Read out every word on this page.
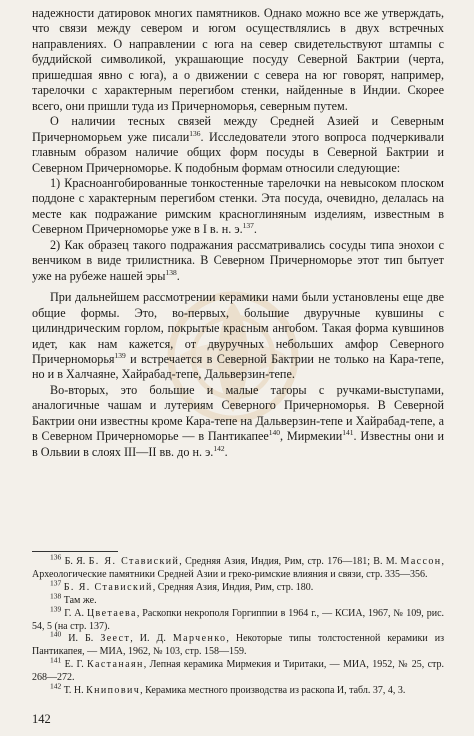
надежности датировок многих памятников. Однако можно все же утверждать, что связи между севером и югом осуществлялись в двух встречных направлениях. О направлении с юга на север свидетельствуют штампы с буддийской символикой, украшающие посуду Северной Бактрии (черта, пришедшая явно с юга), а о движении с севера на юг говорят, например, тарелочки с характерным перегибом стенки, найденные в Индии. Скорее всего, они пришли туда из Причерноморья, северным путем.

О наличии тесных связей между Средней Азией и Северным Причерноморьем уже писали$^{136}$. Исследователи этого вопроса подчеркивали главным образом наличие общих форм посуды в Северной Бактрии и Северном Причерноморье. К подобным формам относили следующие:

1) Красноангобированные тонкостенные тарелочки на невысоком плоском поддоне с характерным перегибом стенки. Эта посуда, очевидно, делалась на месте как подражание римским красноглиняным изделиям, известным в Северном Причерноморье уже в I в. н. э.$^{137}$.

2) Как образец такого подражания рассматривались сосуды типа энохои с венчиком в виде трилистника. В Северном Причерноморье этот тип бытует уже на рубеже нашей эры$^{138}$.

При дальнейшем рассмотрении керамики нами были установлены еще две общие формы. Это, во-первых, большие двуручные кувшины с цилиндрическим горлом, покрытые красным ангобом. Такая форма кувшинов идет, как нам кажется, от двуручных небольших амфор Северного Причерноморья$^{139}$ и встречается в Северной Бактрии не только на Кара-тепе, но и в Халчаяне, Хайрабад-тепе, Дальверзин-тепе.

Во-вторых, это большие и малые тагоры с ручками-выступами, аналогичные чашам и лутериям Северного Причерноморья. В Северной Бактрии они известны кроме Кара-тепе на Дальверзин-тепе и Хайрабад-тепе, а в Северном Причерноморье — в Пантикапее$^{140}$, Мирмекии$^{141}$. Известны они и в Ольвии в слоях III—II вв. до н. э.$^{142}$.

$^{136}$ Б. Я. Б. Я. Ставиский, Средняя Азия, Индия, Рим, стр. 176—181; В. М. Массон, Археологические памятники Средней Азии и греко-римские влияния и связи, стр. 335—356.

$^{137}$ Б. Я. Ставиский, Средняя Азия, Индия, Рим, стр. 180.

$^{138}$ Там же.

$^{139}$ Г. А. Цветаева, Раскопки некрополя Горгиппии в 1964 г., — КСИА, 1967, № 109, рис. 54, 5 (на стр. 137).

$^{140}$ И. Б. Зеест, И. Д. Марченко, Некоторые типы толстостенной керамики из Пантикапея, — МИА, 1962, № 103, стр. 158—159.

$^{141}$ Е. Г. Кастанаян, Лепная керамика Мирмекия и Тиритаки, — МИА, 1952, № 25, стр. 268—272.

$^{142}$ Т. Н. Книпович, Керамика местного производства из раскопа И, табл. 37, 4, 3.

142
